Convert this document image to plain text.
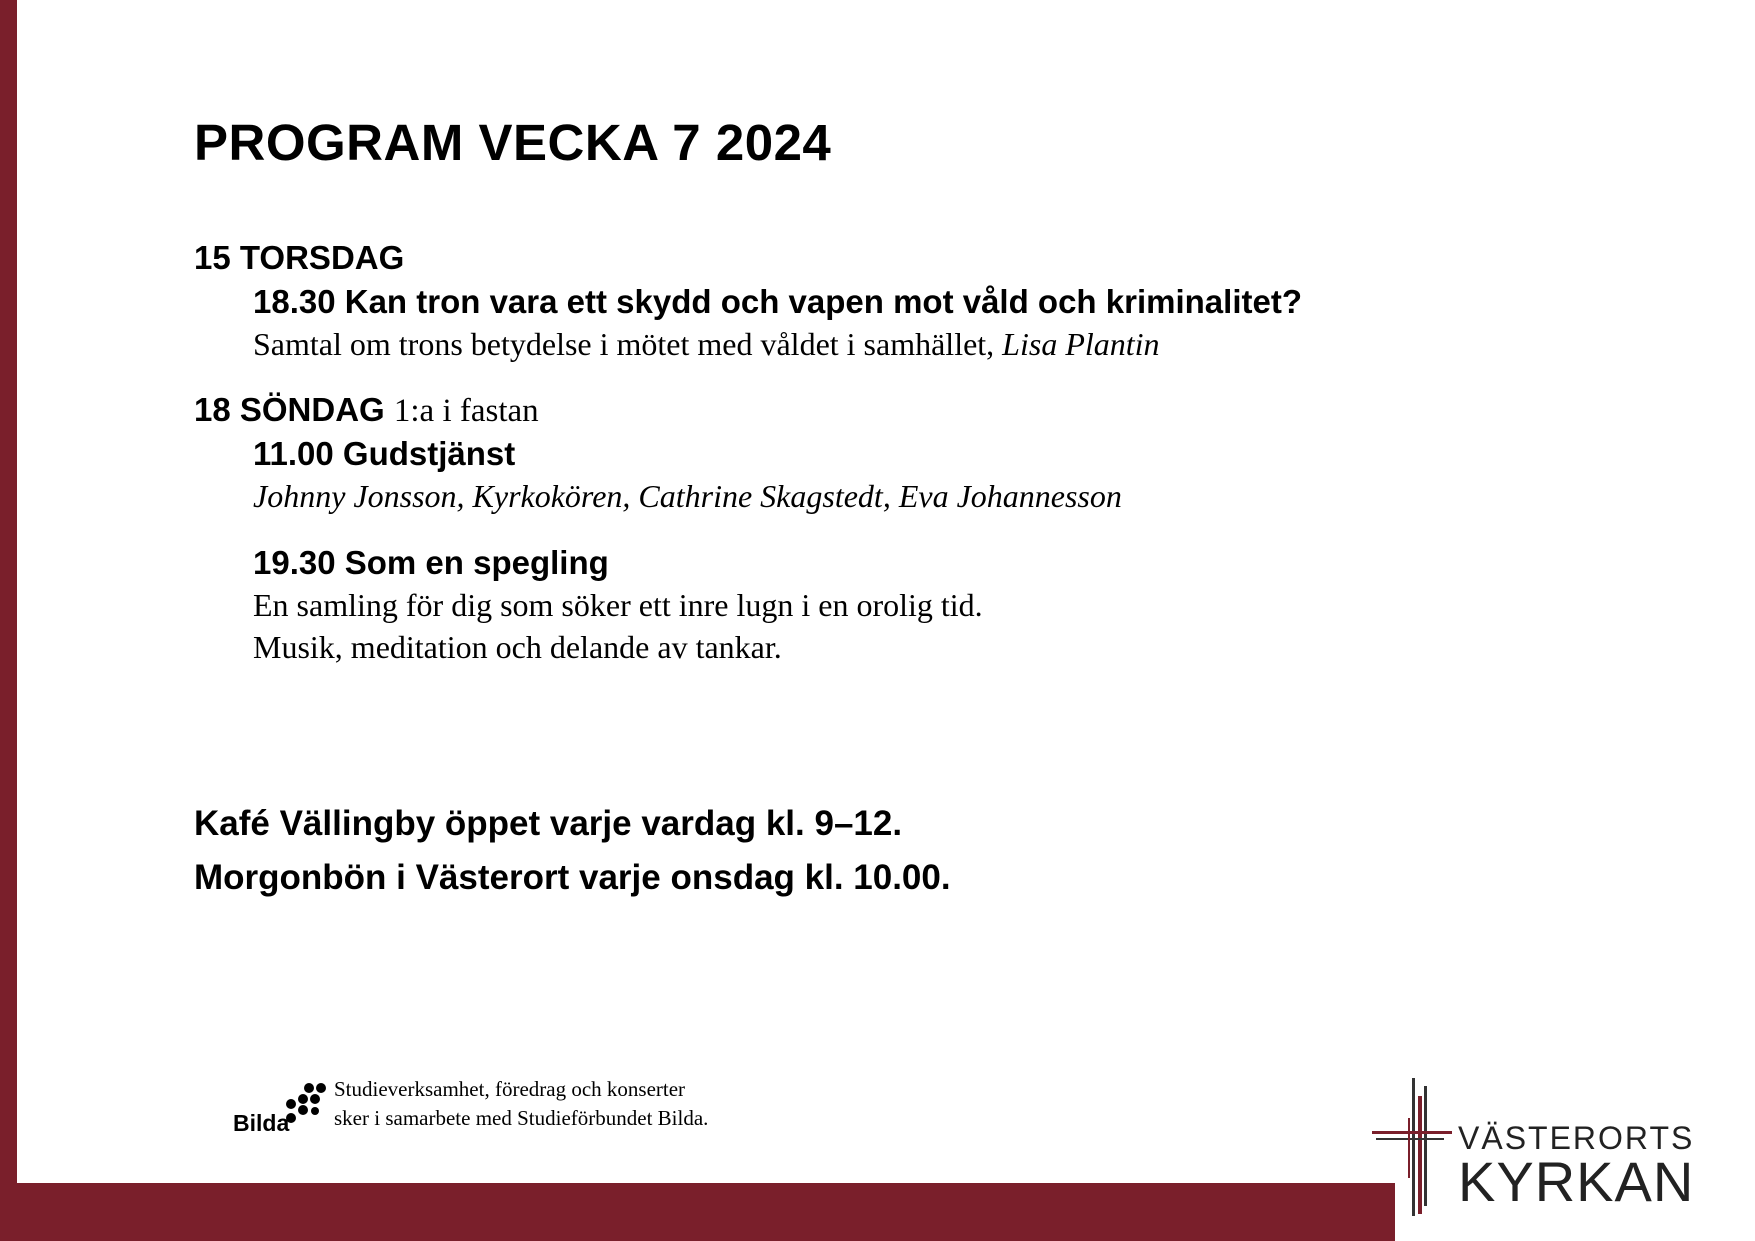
PROGRAM VECKA 7 2024
15 TORSDAG
18.30 Kan tron vara ett skydd och vapen mot våld och kriminalitet?
Samtal om trons betydelse i mötet med våldet i samhället, Lisa Plantin
18 SÖNDAG 1:a i fastan
11.00 Gudstjänst
Johnny Jonsson, Kyrkokören, Cathrine Skagstedt, Eva Johannesson
19.30 Som en spegling
En samling för dig som söker ett inre lugn i en orolig tid.
Musik, meditation och delande av tankar.
Kafé Vällingby öppet varje vardag kl. 9–12.
Morgonbön i Västerort varje onsdag kl. 10.00.
Bilda
Studieverksamhet, föredrag och konserter
sker i samarbete med Studieförbundet Bilda.
VÄSTERORTS
KYRKAN
